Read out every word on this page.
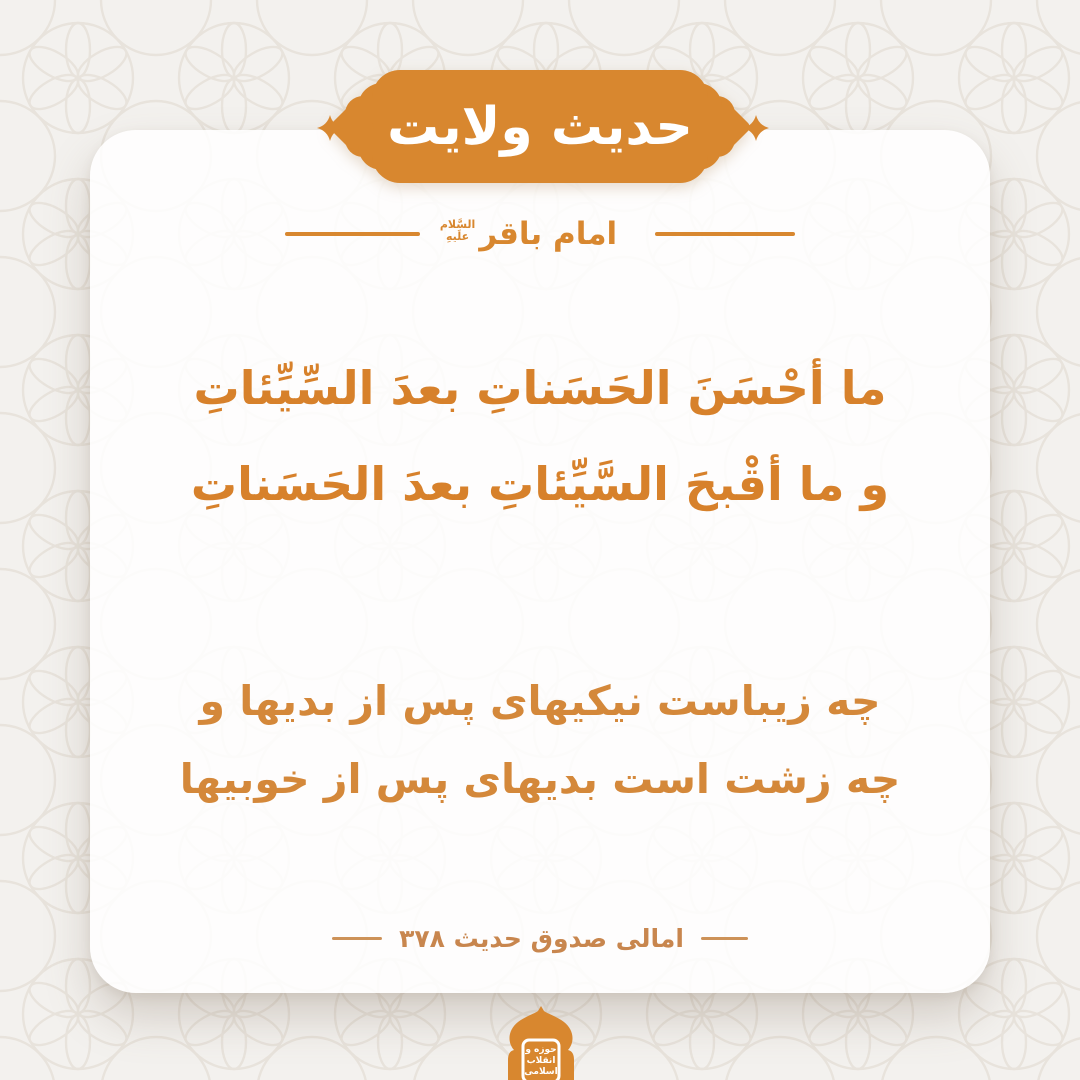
حدیث ولایت
السَّلام
علَیهِ امام باقر
ما أحْسَنَ الحَسَناتِ بعدَ السِّيِّئاتِ
و ما أقْبحَ السَّيِّئاتِ بعدَ الحَسَناتِ
چه زیباست نیکیهای پس از بدیها و
چه زشت است بدیهای پس از خوبیها
امالی صدوق حدیث ۳۷۸
حوزه و
انقلاب
اسلامی
